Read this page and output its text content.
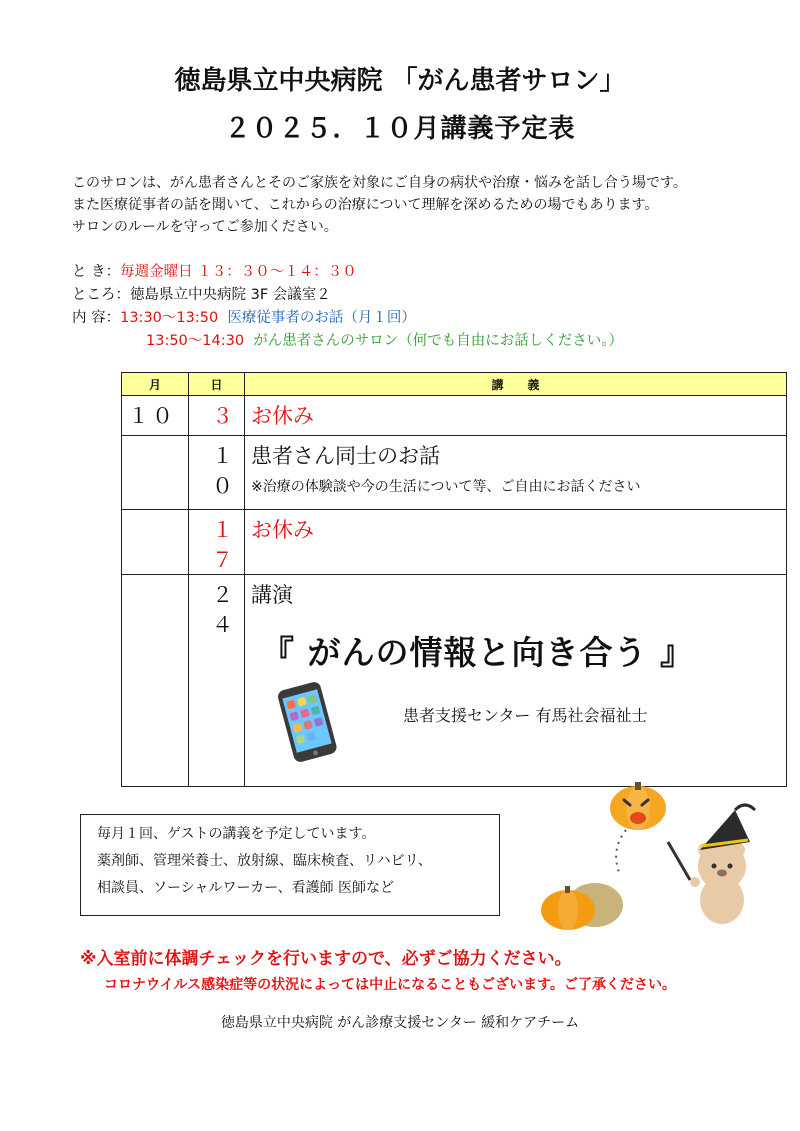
徳島県立中央病院 「がん患者サロン」
２０２５．１０月講義予定表
このサロンは、がん患者さんとそのご家族を対象にご自身の病状や治療・悩みを話し合う場です。
また医療従事者の話を聞いて、これからの治療について理解を深めるための場でもあります。
サロンのルールを守ってご参加ください。
と き：毎週金曜日 １３：３０～１４：３０
ところ：徳島県立中央病院 3F 会議室２
内 容：13:30～13:50 医療従事者のお話（月１回）
13:50～14:30 がん患者さんのサロン（何でも自由にお話しください。）
月	日	講　　義
１０	３	お休み
	１０	患者さん同士のお話
※治療の体験談や今の生活について等、ご自由にお話ください

	１７	お休み
	２４	講演
『 がんの情報と向き合う 』
患者支援センター 有馬社会福祉士
毎月１回、ゲストの講義を予定しています。
薬剤師、管理栄養士、放射線、臨床検査、リハビリ、
相談員、ソーシャルワーカー、看護師 医師など
※入室前に体調チェックを行いますので、必ずご協力ください。
コロナウイルス感染症等の状況によっては中止になることもございます。ご了承ください。
徳島県立中央病院 がん診療支援センター 緩和ケアチーム
